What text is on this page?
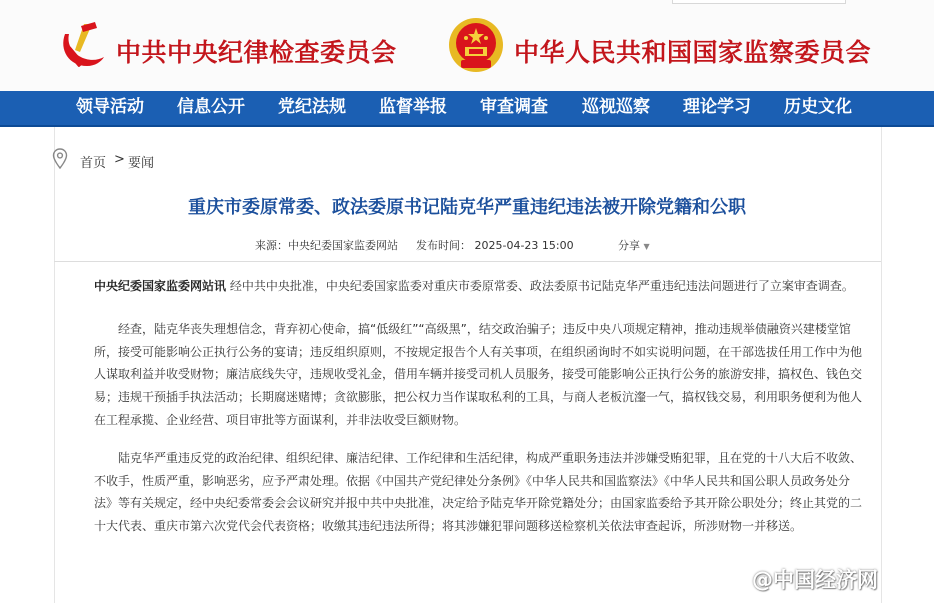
中共中央纪律检查委员会	中华人民共和国国家监察委员会
领导活动 信息公开 党纪法规 监督举报 审查调查 巡视巡察 理论学习 历史文化
首页 > 要闻
重庆市委原常委、政法委原书记陆克华严重违纪违法被开除党籍和公职
来源：中央纪委国家监委网站 发布时间： 2025-04-23 15:00	分享 ▼
中央纪委国家监委网站讯 经中共中央批准，中央纪委国家监委对重庆市委原常委、政法委原书记陆克华严重违纪违法问题进行了立案审查调查。
经查，陆克华丧失理想信念，背弃初心使命，搞“低级红”“高级黑”，结交政治骗子；违反中央八项规定精神，推动违规举债融资兴建楼堂馆所，接受可能影响公正执行公务的宴请；违反组织原则，不按规定报告个人有关事项，在组织函询时不如实说明问题，在干部选拔任用工作中为他人谋取利益并收受财物；廉洁底线失守，违规收受礼金，借用车辆并接受司机人员服务，接受可能影响公正执行公务的旅游安排，搞权色、钱色交易；违规干预插手执法活动；长期腐迷赌博；贪欲膨胀，把公权力当作谋取私利的工具，与商人老板沆瀣一气，搞权钱交易，利用职务便利为他人在工程承揽、企业经营、项目审批等方面谋利，并非法收受巨额财物。
陆克华严重违反党的政治纪律、组织纪律、廉洁纪律、工作纪律和生活纪律，构成严重职务违法并涉嫌受贿犯罪，且在党的十八大后不收敛、不收手，性质严重，影响恶劣，应予严肃处理。依据《中国共产党纪律处分条例》《中华人民共和国监察法》《中华人民共和国公职人员政务处分法》等有关规定，经中央纪委常委会会议研究并报中共中央批准，决定给予陆克华开除党籍处分；由国家监委给予其开除公职处分；终止其党的二十大代表、重庆市第六次党代会代表资格；收缴其违纪违法所得；将其涉嫌犯罪问题移送检察机关依法审查起诉，所涉财物一并移送。
@中国经济网
